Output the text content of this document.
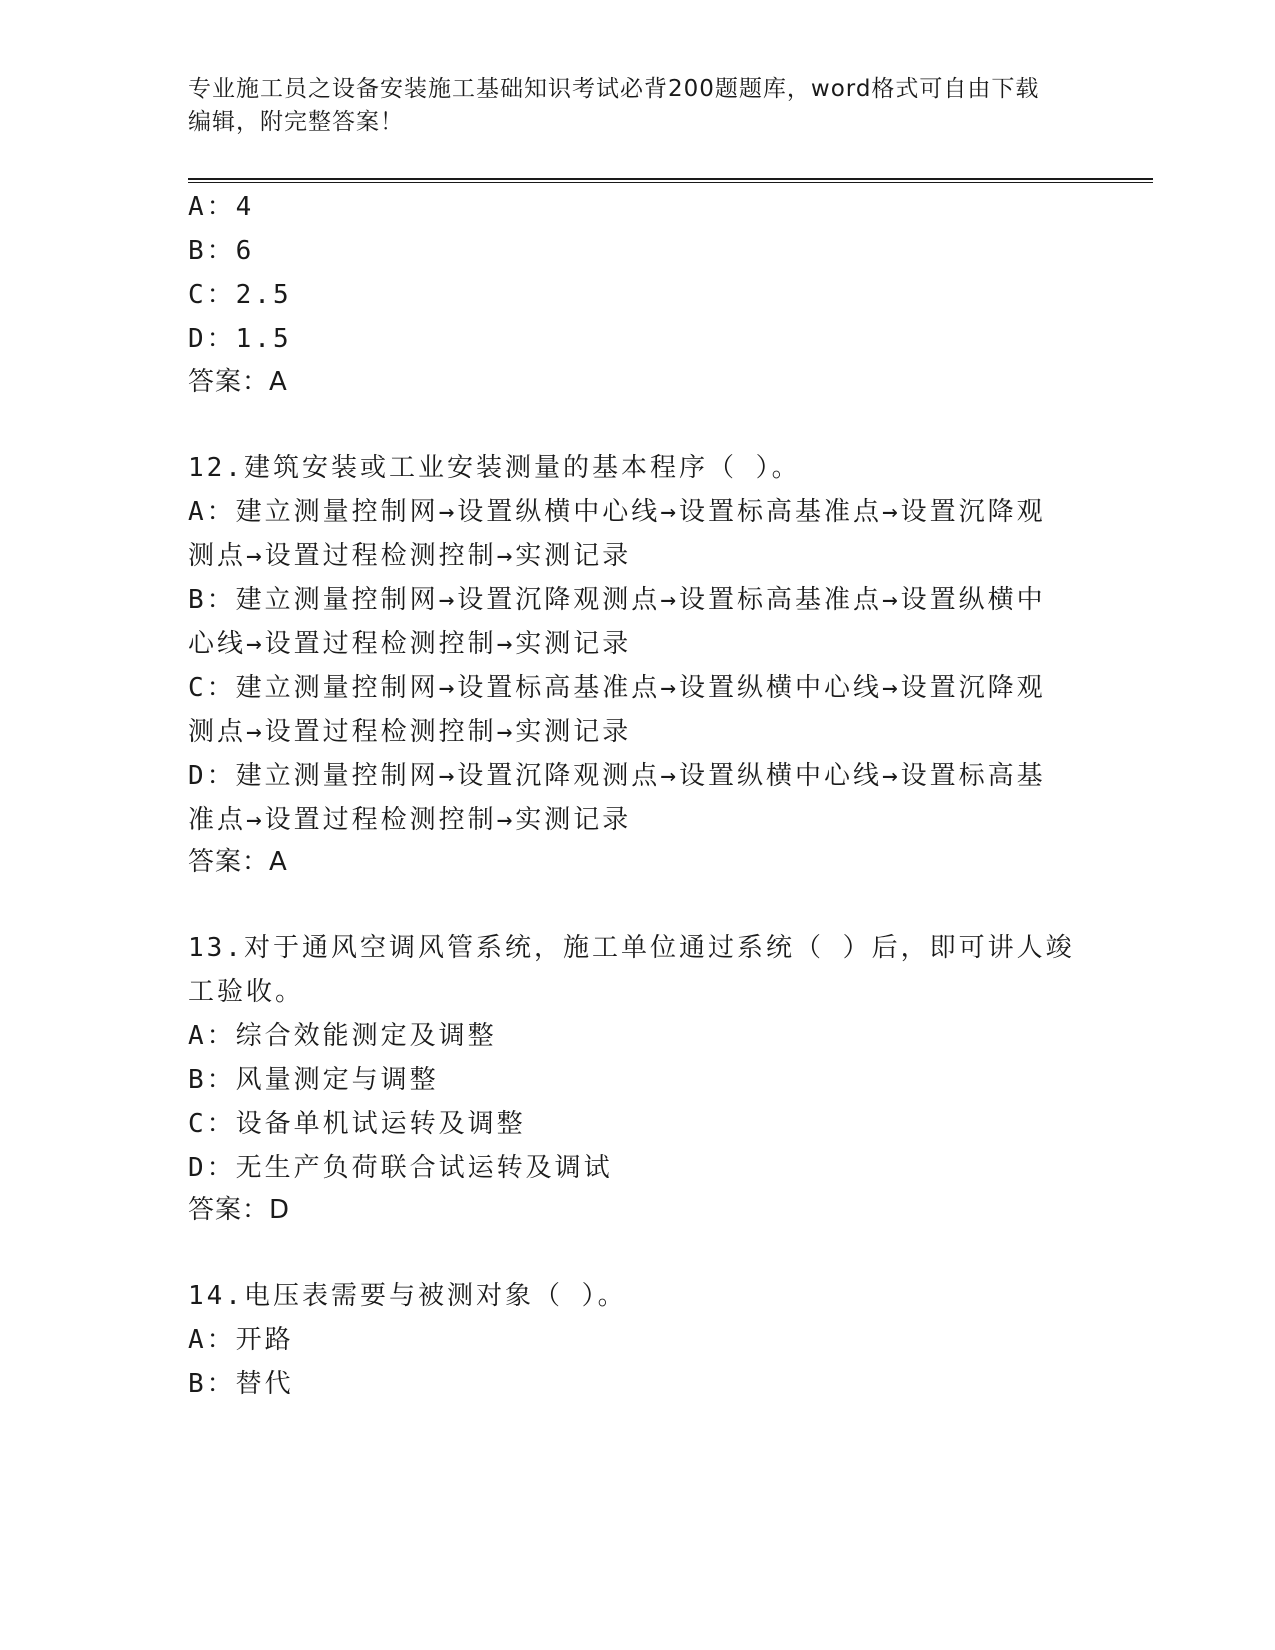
专业施工员之设备安装施工基础知识考试必背200题题库，word格式可自由下载
编辑，附完整答案！
A：4
B：6
C：2.5
D：1.5
答案：A
12.建筑安装或工业安装测量的基本程序（ ）。
A：建立测量控制网→设置纵横中心线→设置标高基准点→设置沉降观
测点→设置过程检测控制→实测记录
B：建立测量控制网→设置沉降观测点→设置标高基准点→设置纵横中
心线→设置过程检测控制→实测记录
C：建立测量控制网→设置标高基准点→设置纵横中心线→设置沉降观
测点→设置过程检测控制→实测记录
D：建立测量控制网→设置沉降观测点→设置纵横中心线→设置标高基
准点→设置过程检测控制→实测记录
答案：A
13.对于通风空调风管系统，施工单位通过系统（ ）后，即可讲人竣
工验收。
A：综合效能测定及调整
B：风量测定与调整
C：设备单机试运转及调整
D：无生产负荷联合试运转及调试
答案：D
14.电压表需要与被测对象（ ）。
A：开路
B：替代
